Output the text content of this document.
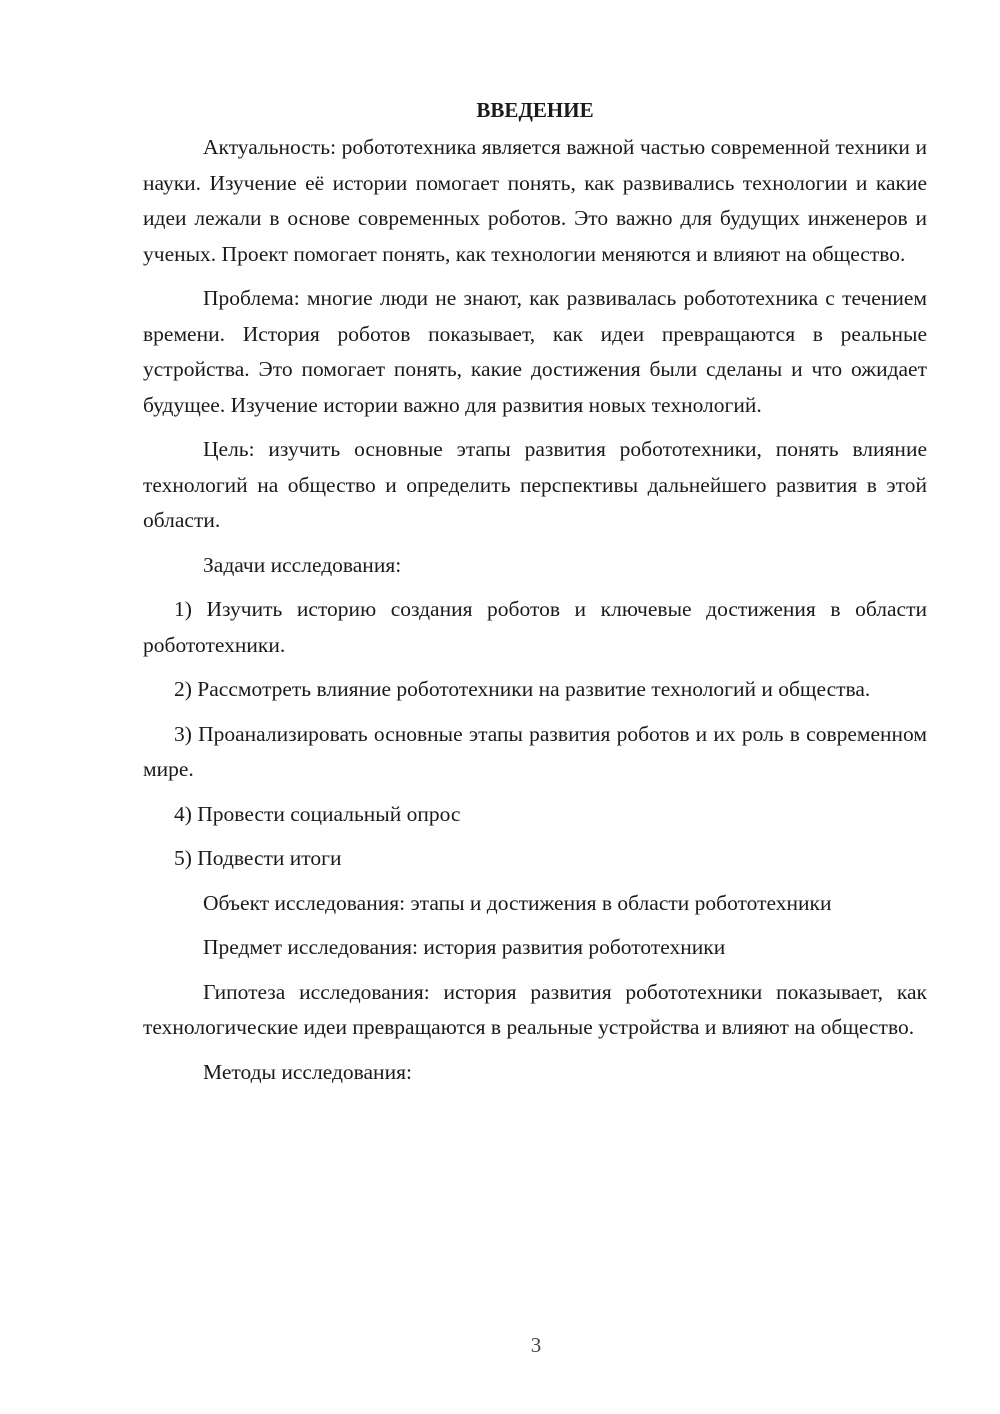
ВВЕДЕНИЕ

Актуальность: робототехника является важной частью современной техники и науки. Изучение её истории помогает понять, как развивались технологии и какие идеи лежали в основе современных роботов. Это важно для будущих инженеров и ученых. Проект помогает понять, как технологии меняются и влияют на общество.

Проблема: многие люди не знают, как развивалась робототехника с течением времени. История роботов показывает, как идеи превращаются в реальные устройства. Это помогает понять, какие достижения были сделаны и что ожидает будущее. Изучение истории важно для развития новых технологий.

Цель: изучить основные этапы развития робототехники, понять влияние технологий на общество и определить перспективы дальнейшего развития в этой области.

Задачи исследования:

1) Изучить историю создания роботов и ключевые достижения в области робототехники.

2) Рассмотреть влияние робототехники на развитие технологий и общества.

3) Проанализировать основные этапы развития роботов и их роль в современном мире.

4) Провести социальный опрос

5) Подвести итоги

Объект исследования: этапы и достижения в области робототехники

Предмет исследования: история развития робототехники

Гипотеза исследования: история развития робототехники показывает, как технологические идеи превращаются в реальные устройства и влияют на общество.

Методы исследования:

3
